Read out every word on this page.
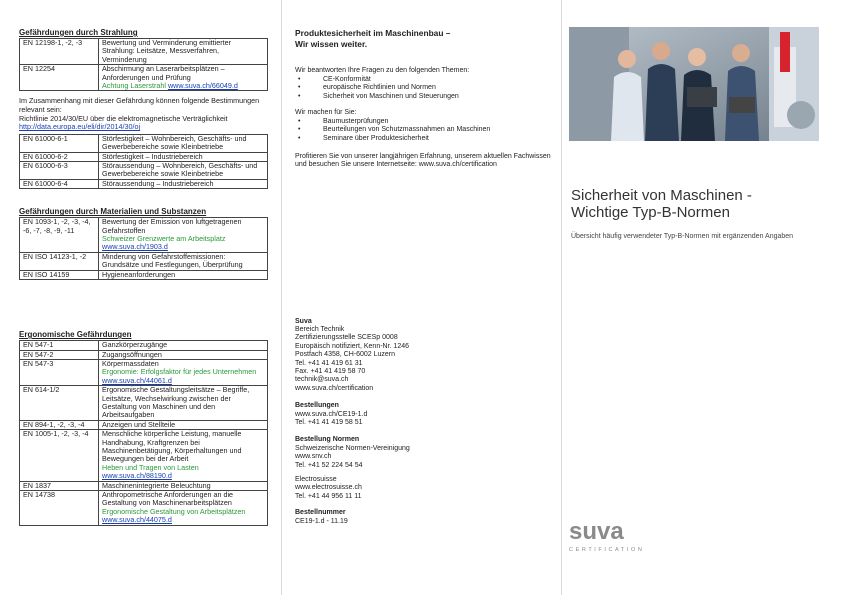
Gefährdungen durch Strahlung
EN 12198-1, -2, -3	Bewertung und Verminderung emittierter Strahlung: Leitsätze, Messverfahren, Verminderung
EN 12254	Abschirmung an Laserarbeitsplätzen – Anforderungen und Prüfung
Achtung Laserstrahl www.suva.ch/66049.d
Im Zusammenhang mit dieser Gefährdung können folgende Bestimmungen relevant sein:
Richtlinie 2014/30/EU über die elektromagnetische Verträglichkeit
http://data.europa.eu/eli/dir/2014/30/oj
EN 61000-6-1	Störfestigkeit – Wohnbereich, Geschäfts- und Gewerbebereiche sowie Kleinbetriebe
EN 61000-6-2	Störfestigkeit – Industriebereich
EN 61000-6-3	Störaussendung – Wohnbereich, Geschäfts- und Gewerbebereiche sowie Kleinbetriebe
EN 61000-6-4	Störaussendung – Industriebereich
Gefährdungen durch Materialien und Substanzen
EN 1093-1, -2, -3, -4, -6, -7, -8, -9, -11	Bewertung der Emission von luftgetragenen Gefahrstoffen
Schweizer Grenzwerte am Arbeitsplatz
www.suva.ch/1903.d
EN ISO 14123-1, -2	Minderung von Gefahrstoffemissionen: Grundsätze und Festlegungen, Überprüfung
EN ISO 14159	Hygieneanforderungen
Ergonomische Gefährdungen
EN 547-1	Ganzkörperzugänge
EN 547-2	Zugangsöffnungen
EN 547-3	Körpermassdaten
Ergonomie: Erfolgsfaktor für jedes Unternehmen
www.suva.ch/44061.d
EN 614-1/2	Ergonomische Gestaltungsleitsätze – Begriffe, Leitsätze, Wechselwirkung zwischen der Gestaltung von Maschinen und den Arbeitsaufgaben
EN 894-1, -2, -3, -4	Anzeigen und Stellteile
EN 1005-1, -2, -3, -4	Menschliche körperliche Leistung, manuelle Handhabung, Kraftgrenzen bei Maschinenbetätigung, Körperhaltungen und Bewegungen bei der Arbeit
Heben und Tragen von Lasten
www.suva.ch/88190.d
EN 1837	Maschinenintegrierte Beleuchtung
EN 14738	Anthropometrische Anforderungen an die Gestaltung von Maschinenarbeitsplätzen
Ergonomische Gestaltung von Arbeitsplätzen
www.suva.ch/44075.d

Produktesicherheit im Maschinenbau –

Wir wissen weiter.

Wir beantworten Ihre Fragen zu den folgenden Themen:

• CE-Konformität
• europäische Richtlinien und Normen
• Sicherheit von Maschinen und Steuerungen

Wir machen für Sie:

• Baumusterprüfungen
• Beurteilungen von Schutzmassnahmen an Maschinen
• Seminare über Produktesicherheit

Profitieren Sie von unserer langjährigen Erfahrung, unserem aktuellen Fachwissen und besuchen Sie unsere Internetseite: www.suva.ch/certification

Suva
Bereich Technik
Zertifizierungsstelle SCESp 0008
Europäisch notifiziert, Kenn-Nr. 1246
Postfach 4358, CH-6002 Luzern
Tel. +41 41 419 61 31
Fax. +41 41 419 58 70
technik@suva.ch
www.suva.ch/certification
Bestellungen
www.suva.ch/CE19-1.d
Tel. +41 41 419 58 51
Bestellung Normen
Schweizerische Normen-Vereinigung
www.snv.ch
Tel. +41 52 224 54 54
Electrosuisse
www.electrosuisse.ch
Tel. +41 44 956 11 11
Bestellnummer
CE19-1.d - 11.19
Sicherheit von Maschinen -
Wichtige Typ-B-Normen
Übersicht häufig verwendeter Typ-B-Normen mit ergänzenden Angaben
suva
CERTIFICATION
